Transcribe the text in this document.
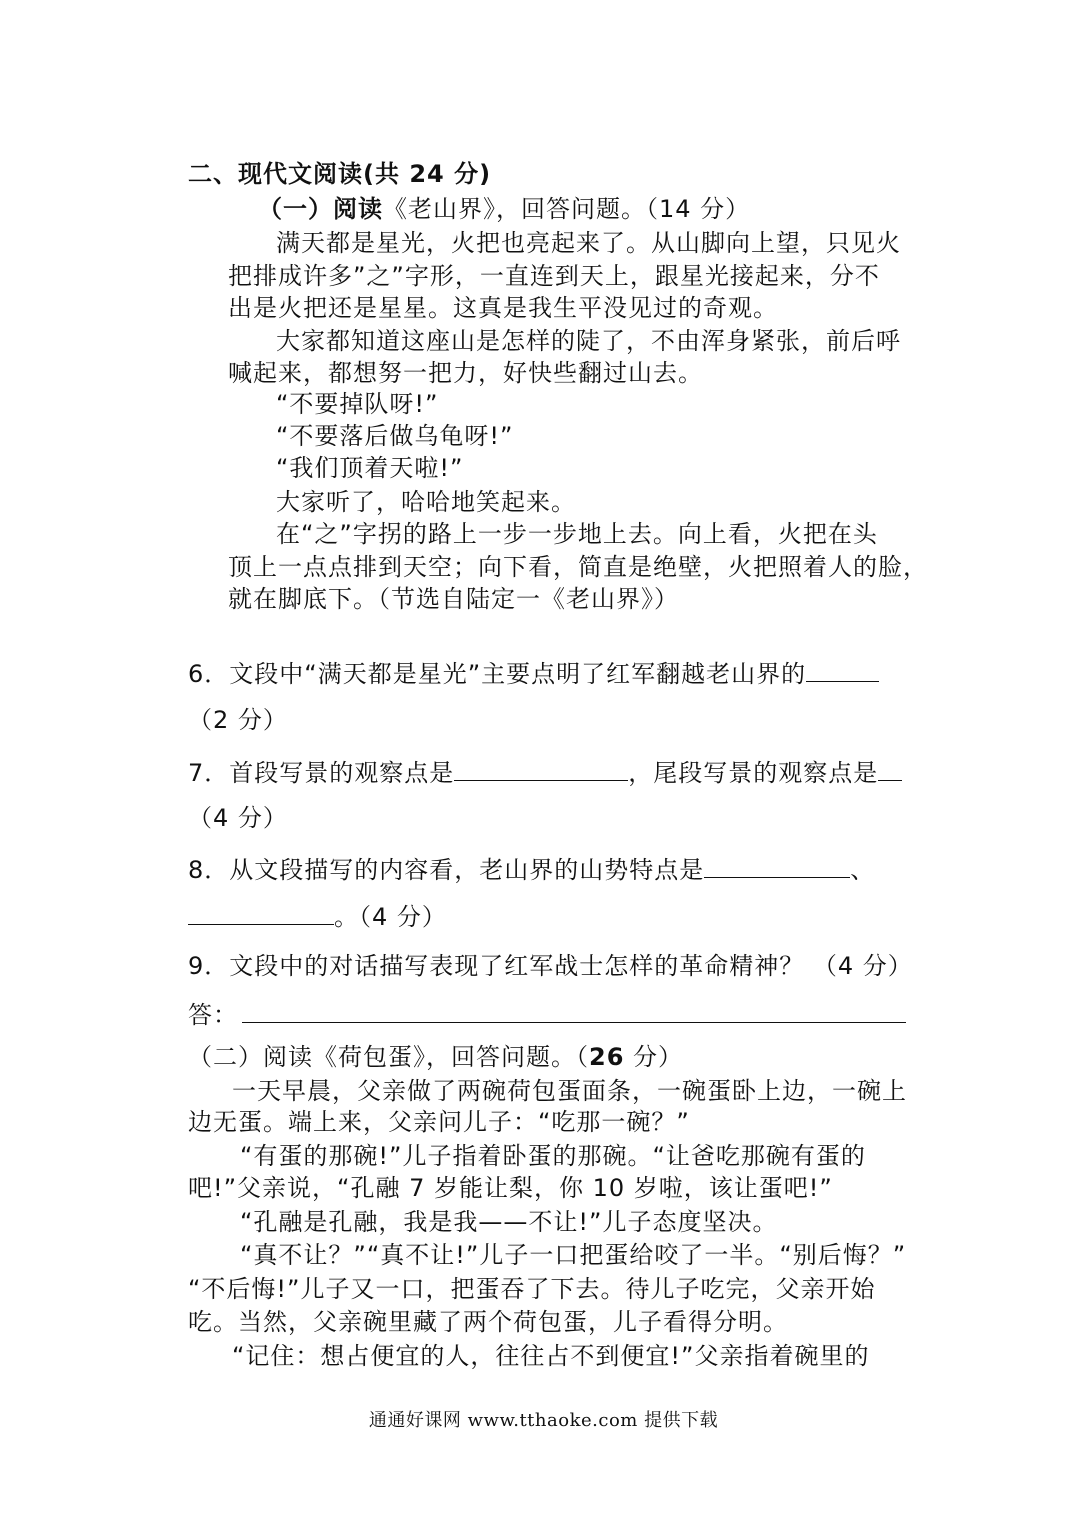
二、现代文阅读(共 24 分)
（一）阅读《老山界》，回答问题。（14 分）
满天都是星光，火把也亮起来了。从山脚向上望，只见火
把排成许多”之”字形，一直连到天上，跟星光接起来，分不
出是火把还是星星。这真是我生平没见过的奇观。
大家都知道这座山是怎样的陡了，不由浑身紧张，前后呼
喊起来，都想努一把力，好快些翻过山去。
“不要掉队呀!”
“不要落后做乌龟呀!”
“我们顶着天啦!”
大家听了，哈哈地笑起来。
在“之”字拐的路上一步一步地上去。向上看，火把在头
顶上一点点排到天空；向下看，简直是绝壁，火把照着人的脸，
就在脚底下。（节选自陆定一《老山界》）
6．文段中“满天都是星光”主要点明了红军翻越老山界的
（2 分）
7．首段写景的观察点是	，尾段写景的观察点是
（4 分）
8．从文段描写的内容看，老山界的山势特点是	、
。（4 分）
9．文段中的对话描写表现了红军战士怎样的革命精神？ （4 分）
答：
（二）阅读《荷包蛋》，回答问题。（26 分）
一天早晨，父亲做了两碗荷包蛋面条，一碗蛋卧上边，一碗上
边无蛋。端上来，父亲问儿子：“吃那一碗？”
“有蛋的那碗!”儿子指着卧蛋的那碗。“让爸吃那碗有蛋的
吧!”父亲说，“孔融 7 岁能让梨，你 10 岁啦，该让蛋吧!”
“孔融是孔融，我是我——不让!”儿子态度坚决。
“真不让？”“真不让!”儿子一口把蛋给咬了一半。“别后悔？”
“不后悔!”儿子又一口，把蛋吞了下去。待儿子吃完，父亲开始
吃。当然，父亲碗里藏了两个荷包蛋，儿子看得分明。
“记住：想占便宜的人，往往占不到便宜!”父亲指着碗里的
通通好课网 www.tthaoke.com 提供下载
